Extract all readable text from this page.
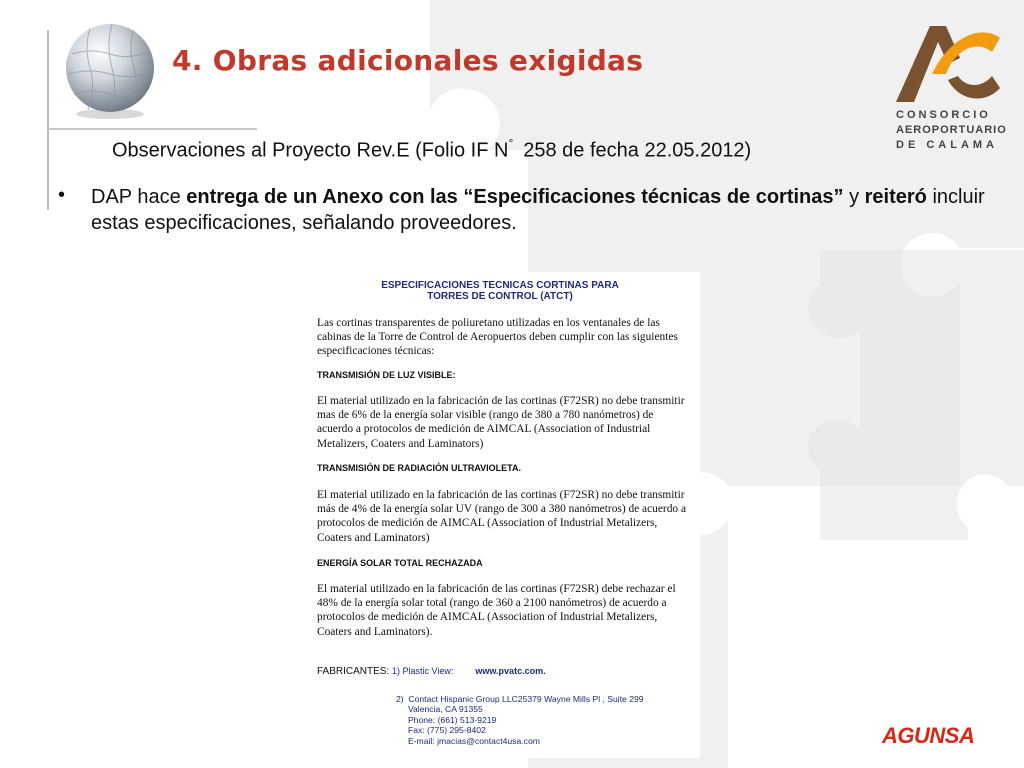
4. Obras adicionales exigidas
Observaciones al Proyecto Rev.E (Folio IF N° 258 de fecha 22.05.2012)
• DAP hace entrega de un Anexo con las “Especificaciones técnicas de cortinas” y reiteró incluir estas especificaciones, señalando proveedores.
CONSORCIO
AEROPORTUARIO
DE CALAMA
ESPECIFICACIONES TECNICAS CORTINAS PARA
TORRES DE CONTROL (ATCT)
Las cortinas transparentes de poliuretano utilizadas en los ventanales de las cabinas de la Torre de Control de Aeropuertos deben cumplir con las siguientes especificaciones técnicas:
TRANSMISIÓN DE LUZ VISIBLE:
El material utilizado en la fabricación de las cortinas (F72SR) no debe transmitir mas de 6% de la energía solar visible (rango de 380 a 780 nanómetros) de acuerdo a protocolos de medición de AIMCAL (Association of Industrial Metalizers, Coaters and Laminators)
TRANSMISIÓN DE RADIACIÓN ULTRAVIOLETA.
El material utilizado en la fabricación de las cortinas (F72SR) no debe transmitir más de 4% de la energía solar UV (rango de 300 a 380 nanómetros) de acuerdo a protocolos de medición de AIMCAL (Association of Industrial Metalizers, Coaters and Laminators)
ENERGÍA SOLAR TOTAL RECHAZADA
El material utilizado en la fabricación de las cortinas (F72SR) debe rechazar el 48% de la energía solar total (rango de 360 a 2100 nanómetros) de acuerdo a protocolos de medición de AIMCAL (Association of Industrial Metalizers, Coaters and Laminators).
FABRICANTES: 1) Plastic View: www.pvatc.com.
2)  Contact Hispanic Group LLC25379 Wayne Mills Pl , Suite 299
Valencia, CA 91355
Phone: (661) 513-9219
Fax: (775) 295-8402
E-mail: jmacias@contact4usa.com	AGUNSA
